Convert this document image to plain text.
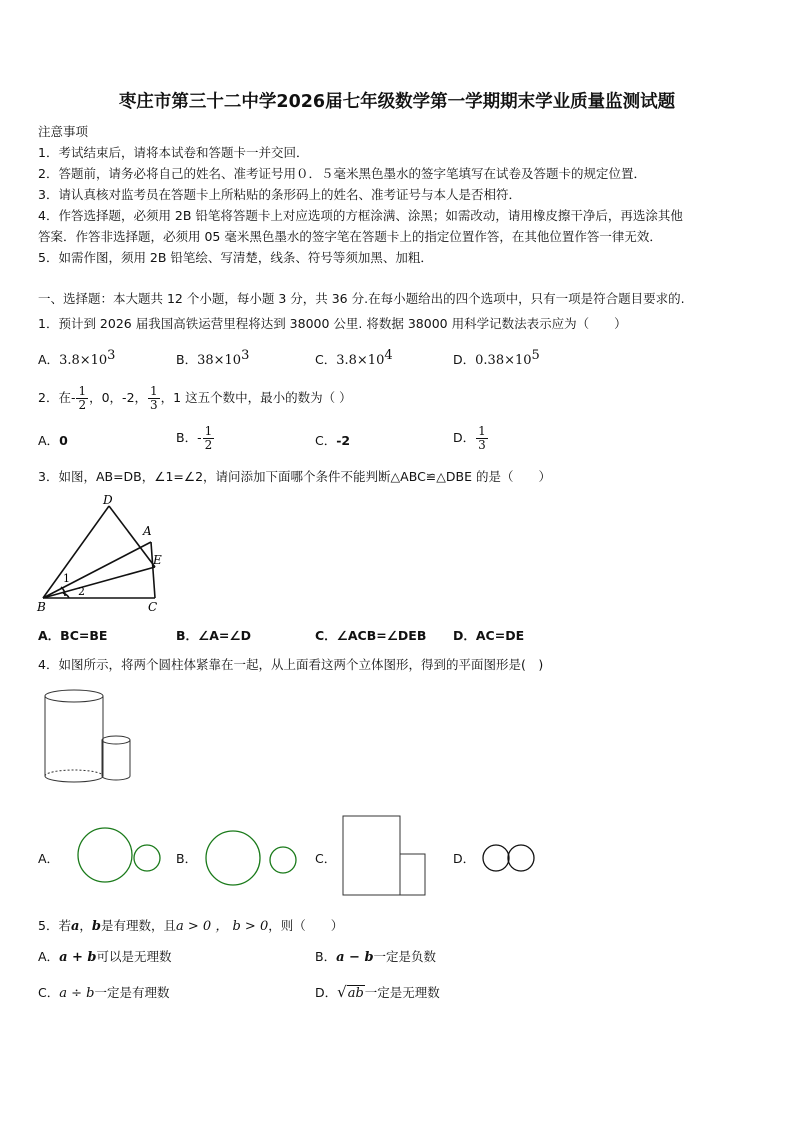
枣庄市第三十二中学2026届七年级数学第一学期期末学业质量监测试题
注意事项
1．考试结束后，请将本试卷和答题卡一并交回．
2．答题前，请务必将自己的姓名、准考证号用０．５毫米黑色墨水的签字笔填写在试卷及答题卡的规定位置．
3．请认真核对监考员在答题卡上所粘贴的条形码上的姓名、准考证号与本人是否相符．
4．作答选择题，必须用 2B 铅笔将答题卡上对应选项的方框涂满、涂黑；如需改动，请用橡皮擦干净后，再选涂其他
答案．作答非选择题，必须用 05 毫米黑色墨水的签字笔在答题卡上的指定位置作答，在其他位置作答一律无效．
5．如需作图，须用 2B 铅笔绘、写清楚，线条、符号等须加黑、加粗．
一、选择题：本大题共 12 个小题，每小题 3 分，共 36 分.在每小题给出的四个选项中，只有一项是符合题目要求的.
1．预计到 2026 届我国高铁运营里程将达到 38000 公里. 将数据 38000 用科学记数法表示应为（　　）
A．$3.8\times 10^3$	B．$38\times 10^3$	C．$3.8\times 10^4$	D．$0.38\times 10^5$
2．在- $\frac{1}{2}$ ，0，-2， $\frac{1}{3}$ ，1 这五个数中，最小的数为（ ）
A．0	B．- $\frac{1}{2}$	C．-2	D． $\frac{1}{3}$
3．如图，AB=DB，∠1=∠2，请问添加下面哪个条件不能判断△ABC≌△DBE 的是（　　）
D
A
E
B	C
1
2
A．BC=BE	B．∠A=∠D	C．∠ACB=∠DEB D．AC=DE
4．如图所示，将两个圆柱体紧靠在一起，从上面看这两个立体图形，得到的平面图形是(　)
A．	B．	C．	D．
5．若a，b是有理数，且a > 0 ， b > 0，则（　　）
A．a + b可以是无理数	B．a − b一定是负数
C．a ÷ b一定是有理数	D．√ab一定是无理数
